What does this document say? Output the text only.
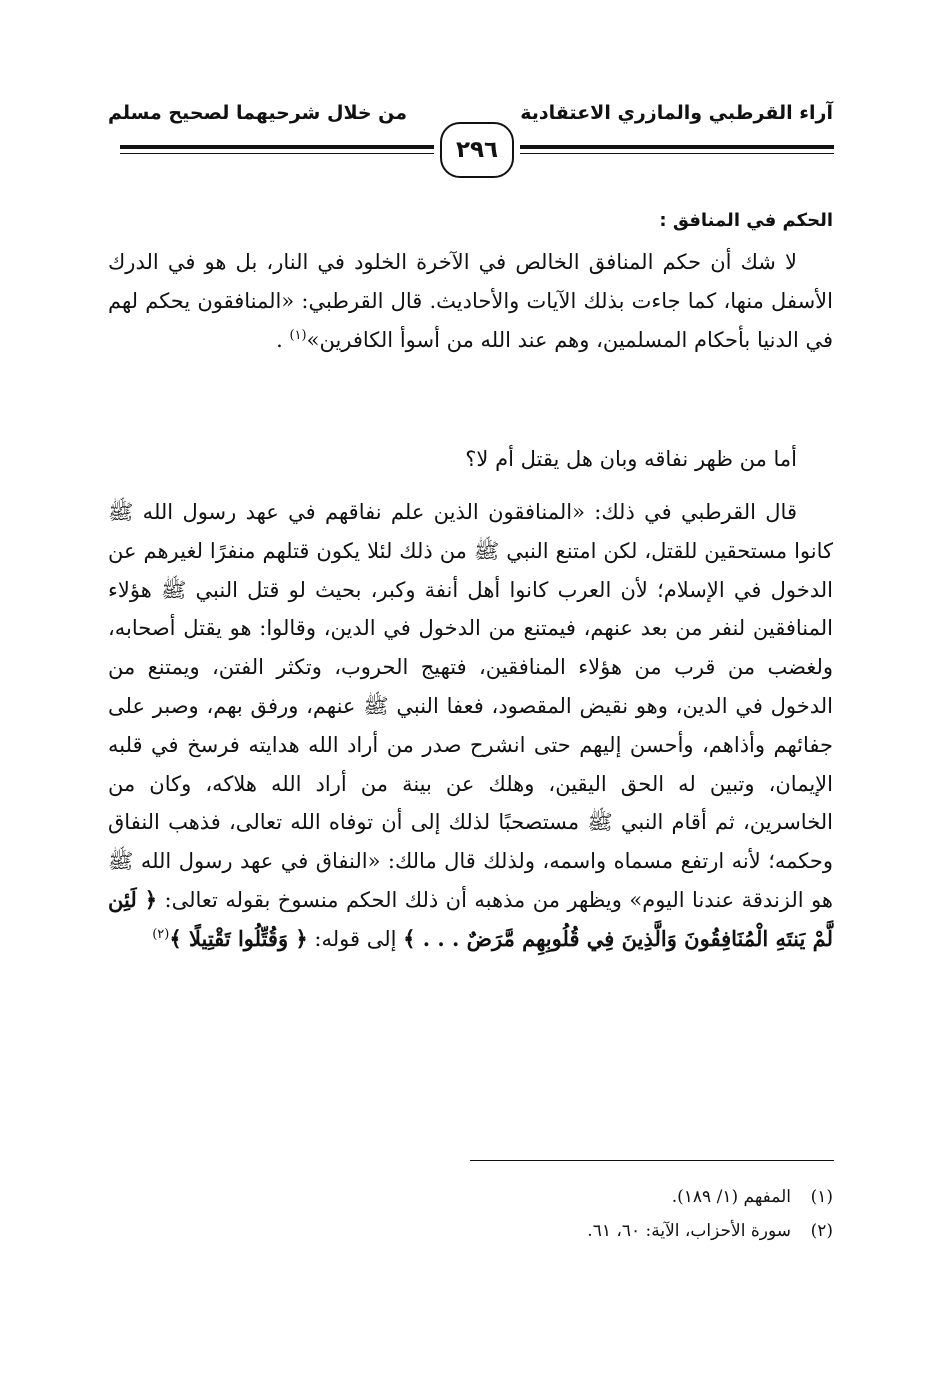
آراء القرطبي والمازري الاعتقادية
من خلال شرحيهما لصحيح مسلم
٢٩٦
الحكم في المنافق :
لا شك أن حكم المنافق الخالص في الآخرة الخلود في النار، بل هو في الدرك الأسفل منها، كما جاءت بذلك الآيات والأحاديث. قال القرطبي: «المنافقون يحكم لهم في الدنيا بأحكام المسلمين، وهم عند الله من أسوأ الكافرين»$^{(١)}$ .
أما من ظهر نفاقه وبان هل يقتل أم لا؟
قال القرطبي في ذلك: «المنافقون الذين علم نفاقهم في عهد رسول الله ﷺ كانوا مستحقين للقتل، لكن امتنع النبي ﷺ من ذلك لئلا يكون قتلهم منفرًا لغيرهم عن الدخول في الإسلام؛ لأن العرب كانوا أهل أنفة وكبر، بحيث لو قتل النبي ﷺ هؤلاء المنافقين لنفر من بعد عنهم، فيمتنع من الدخول في الدين، وقالوا: هو يقتل أصحابه، ولغضب من قرب من هؤلاء المنافقين، فتهيج الحروب، وتكثر الفتن، ويمتنع من الدخول في الدين، وهو نقيض المقصود، فعفا النبي ﷺ عنهم، ورفق بهم، وصبر على جفائهم وأذاهم، وأحسن إليهم حتى انشرح صدر من أراد الله هدايته فرسخ في قلبه الإيمان، وتبين له الحق اليقين، وهلك عن بينة من أراد الله هلاكه، وكان من الخاسرين، ثم أقام النبي ﷺ مستصحبًا لذلك إلى أن توفاه الله تعالى، فذهب النفاق وحكمه؛ لأنه ارتفع مسماه واسمه، ولذلك قال مالك: «النفاق في عهد رسول الله ﷺ هو الزندقة عندنا اليوم» ويظهر من مذهبه أن ذلك الحكم منسوخ بقوله تعالى: ﴿ لَئِن لَّمْ يَنتَهِ الْمُنَافِقُونَ وَالَّذِينَ فِي قُلُوبِهِم مَّرَضٌ . . . ﴾ إلى قوله: ﴿ وَقُتِّلُوا تَقْتِيلًا ﴾$^{(٢)}$
(١)المفهم (١/ ١٨٩).
(٢)سورة الأحزاب، الآية: ٦٠، ٦١.
